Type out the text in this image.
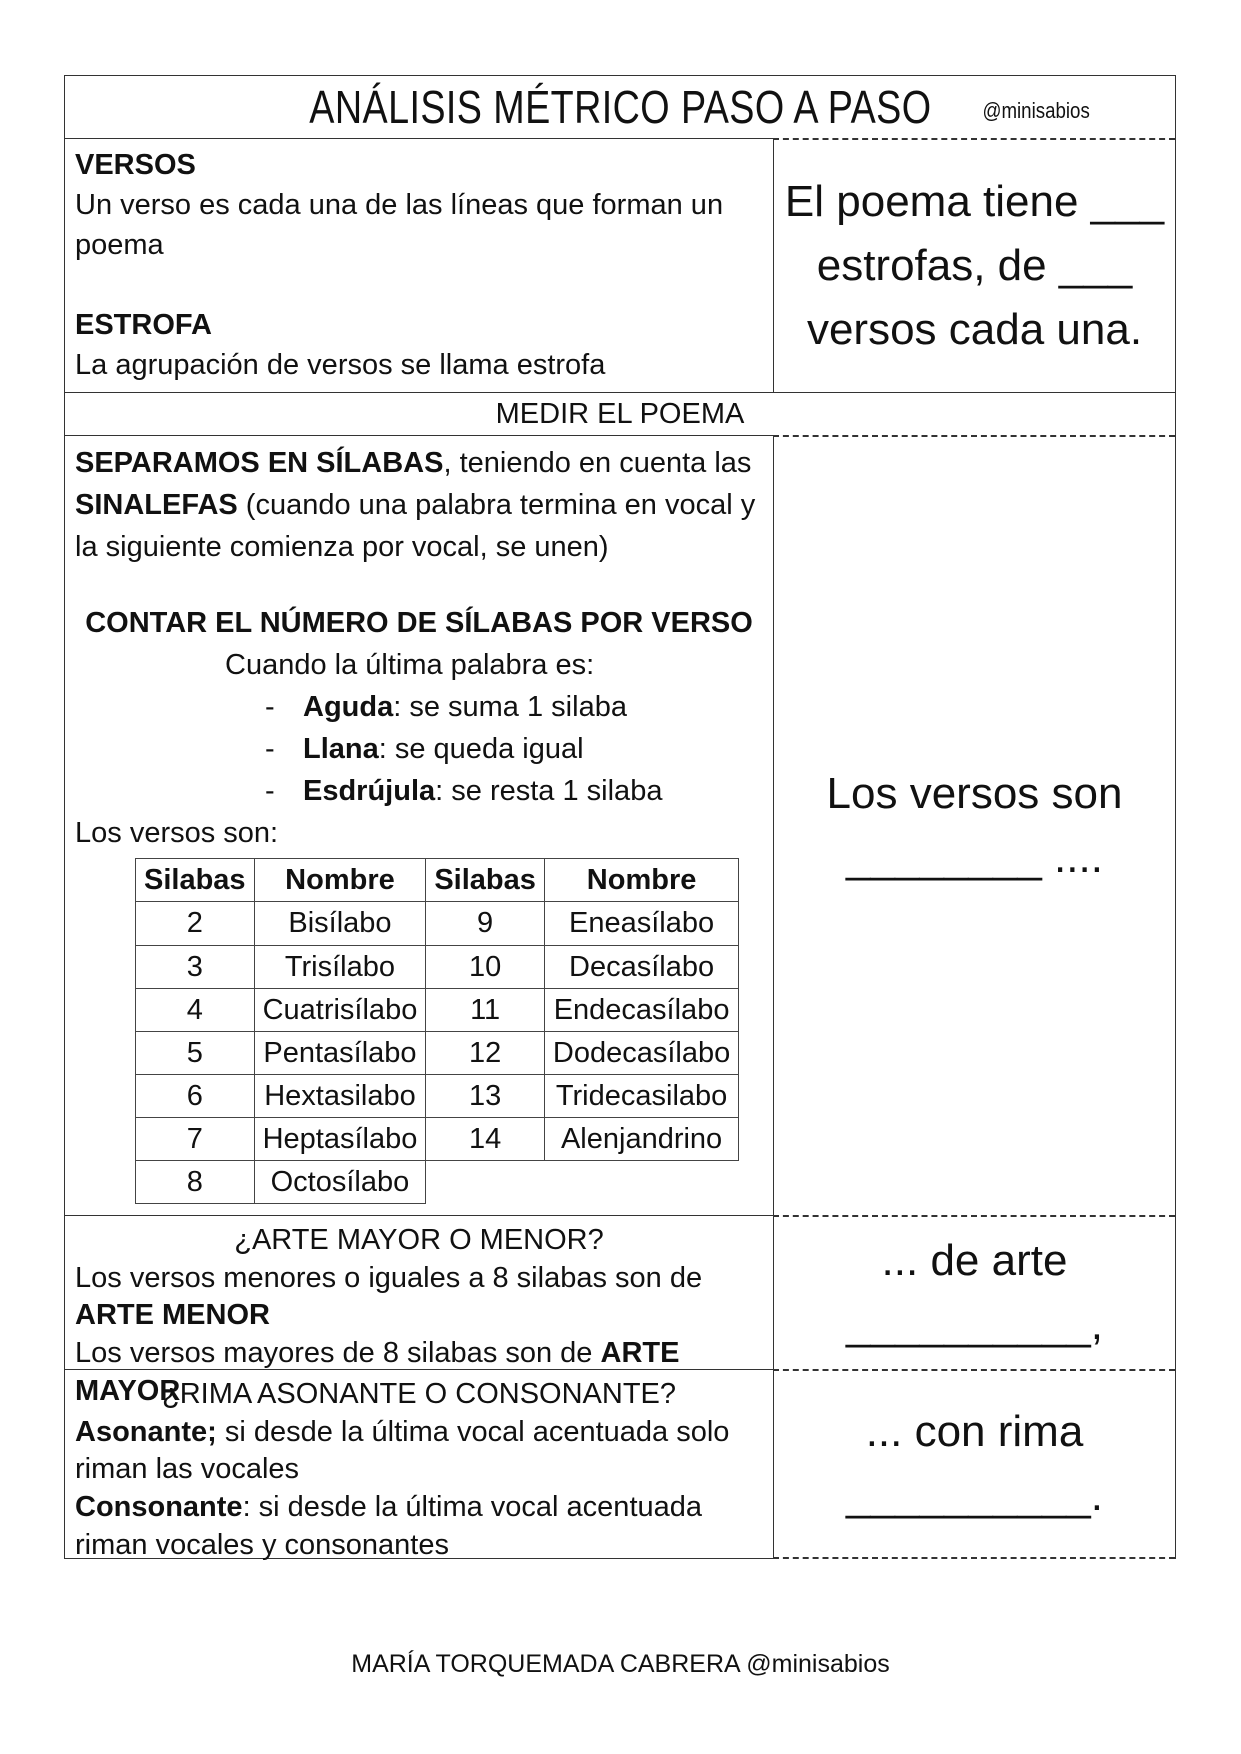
ANÁLISIS MÉTRICO PASO A PASO @minisabios
VERSOS
Un verso es cada una de las líneas que forman un poema
ESTROFA
La agrupación de versos se llama estrofa
El poema tiene ___
estrofas, de ___
versos cada una.
MEDIR EL POEMA
SEPARAMOS EN SÍLABAS, teniendo en cuenta las SINALEFAS (cuando una palabra termina en vocal y la siguiente comienza por vocal, se unen)
CONTAR EL NÚMERO DE SÍLABAS POR VERSO
Cuando la última palabra es:
- Aguda: se suma 1 silaba
- Llana: se queda igual
- Esdrújula: se resta 1 silaba
Los versos son:
Silabas	Nombre	Silabas	Nombre
2	Bisílabo	9	Eneasílabo
3	Trisílabo	10	Decasílabo
4	Cuatrisílabo	11	Endecasílabo
5	Pentasílabo	12	Dodecasílabo
6	Hextasilabo	13	Tridecasilabo
7	Heptasílabo	14	Alenjandrino
8	Octosílabo		
Los versos son
________ ....
¿ARTE MAYOR O MENOR?
Los versos menores o iguales a 8 silabas son de ARTE MENOR
Los versos mayores de 8 silabas son de ARTE MAYOR
... de arte
__________,
¿RIMA ASONANTE O CONSONANTE?
Asonante; si desde la última vocal acentuada solo riman las vocales
Consonante: si desde la última vocal acentuada riman vocales y consonantes
... con rima
__________.
MARÍA TORQUEMADA CABRERA @minisabios
